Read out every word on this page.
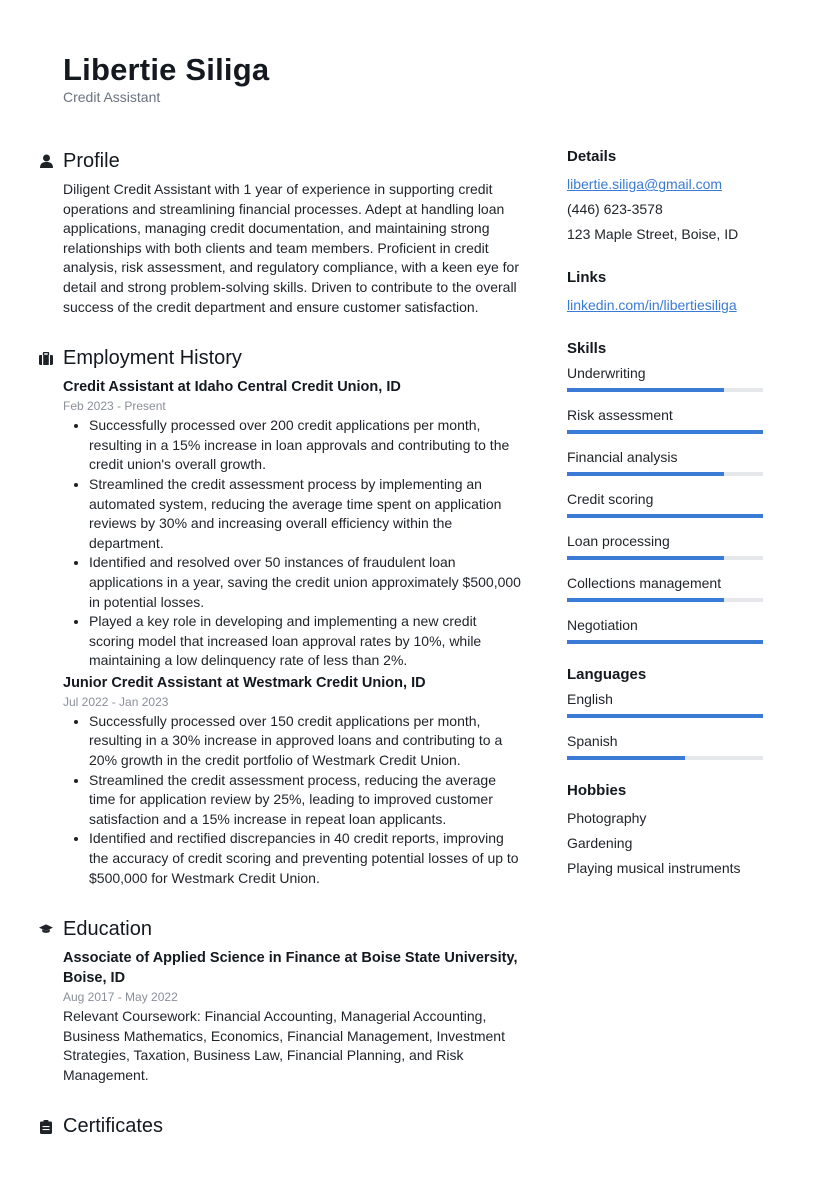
Libertie Siliga
Credit Assistant
Profile
Diligent Credit Assistant with 1 year of experience in supporting credit operations and streamlining financial processes. Adept at handling loan applications, managing credit documentation, and maintaining strong relationships with both clients and team members. Proficient in credit analysis, risk assessment, and regulatory compliance, with a keen eye for detail and strong problem-solving skills. Driven to contribute to the overall success of the credit department and ensure customer satisfaction.
Employment History
Credit Assistant at Idaho Central Credit Union, ID
Feb 2023 - Present
• Successfully processed over 200 credit applications per month, resulting in a 15% increase in loan approvals and contributing to the credit union's overall growth.
• Streamlined the credit assessment process by implementing an automated system, reducing the average time spent on application reviews by 30% and increasing overall efficiency within the department.
• Identified and resolved over 50 instances of fraudulent loan applications in a year, saving the credit union approximately $500,000 in potential losses.
• Played a key role in developing and implementing a new credit scoring model that increased loan approval rates by 10%, while maintaining a low delinquency rate of less than 2%.
Junior Credit Assistant at Westmark Credit Union, ID
Jul 2022 - Jan 2023
• Successfully processed over 150 credit applications per month, resulting in a 30% increase in approved loans and contributing to a 20% growth in the credit portfolio of Westmark Credit Union.
• Streamlined the credit assessment process, reducing the average time for application review by 25%, leading to improved customer satisfaction and a 15% increase in repeat loan applicants.
• Identified and rectified discrepancies in 40 credit reports, improving the accuracy of credit scoring and preventing potential losses of up to $500,000 for Westmark Credit Union.
Education
Associate of Applied Science in Finance at Boise State University, Boise, ID
Aug 2017 - May 2022
Relevant Coursework: Financial Accounting, Managerial Accounting, Business Mathematics, Economics, Financial Management, Investment Strategies, Taxation, Business Law, Financial Planning, and Risk Management.
Certificates
Details
libertie.siliga@gmail.com
(446) 623-3578
123 Maple Street, Boise, ID
Links
linkedin.com/in/libertiesiliga
Skills
Underwriting
Risk assessment
Financial analysis
Credit scoring
Loan processing
Collections management
Negotiation
Languages
English
Spanish
Hobbies
Photography
Gardening
Playing musical instruments
